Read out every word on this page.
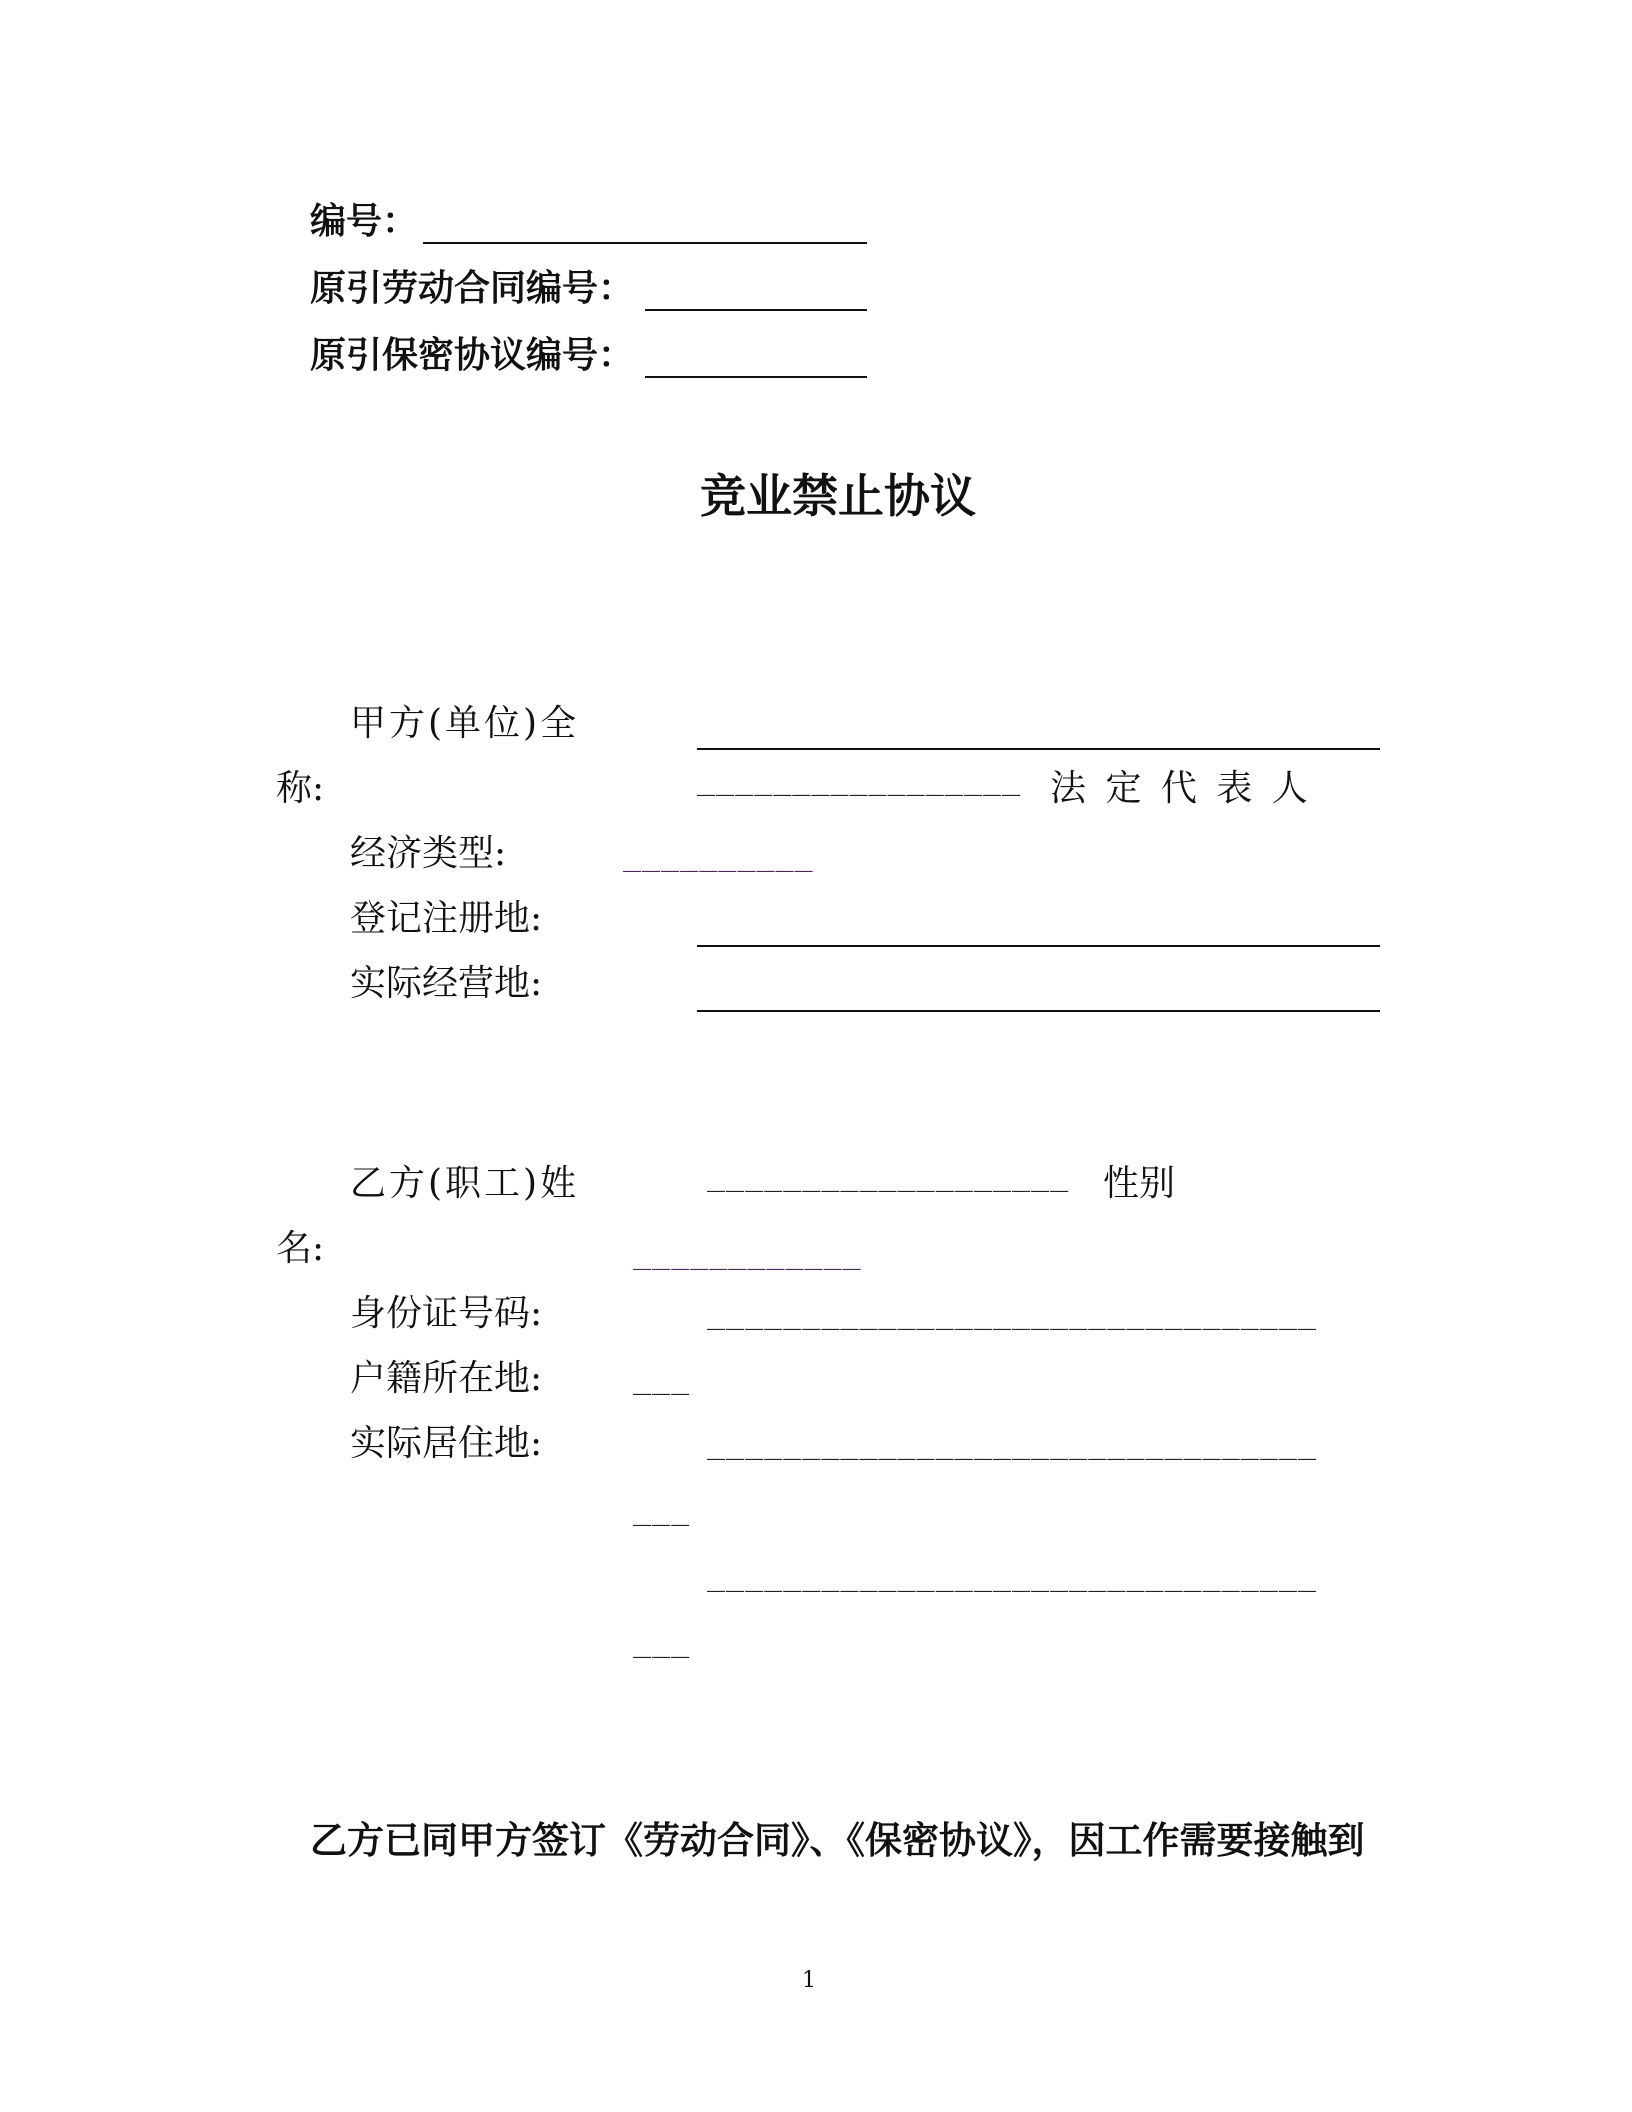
编号：
原引劳动合同编号：
原引保密协议编号：
竞业禁止协议
甲方(单位)全
称:	_________________ 法 定 代 表 人
经济类型:	__________
登记注册地:
实际经营地:
乙方(职工)姓	___________________ 性别
名:	____________
身份证号码:	________________________________
户籍所在地:	___
实际居住地:	________________________________
___
________________________________
___
乙方已同甲方签订《劳动合同》、《保密协议》，因工作需要接触到
1
